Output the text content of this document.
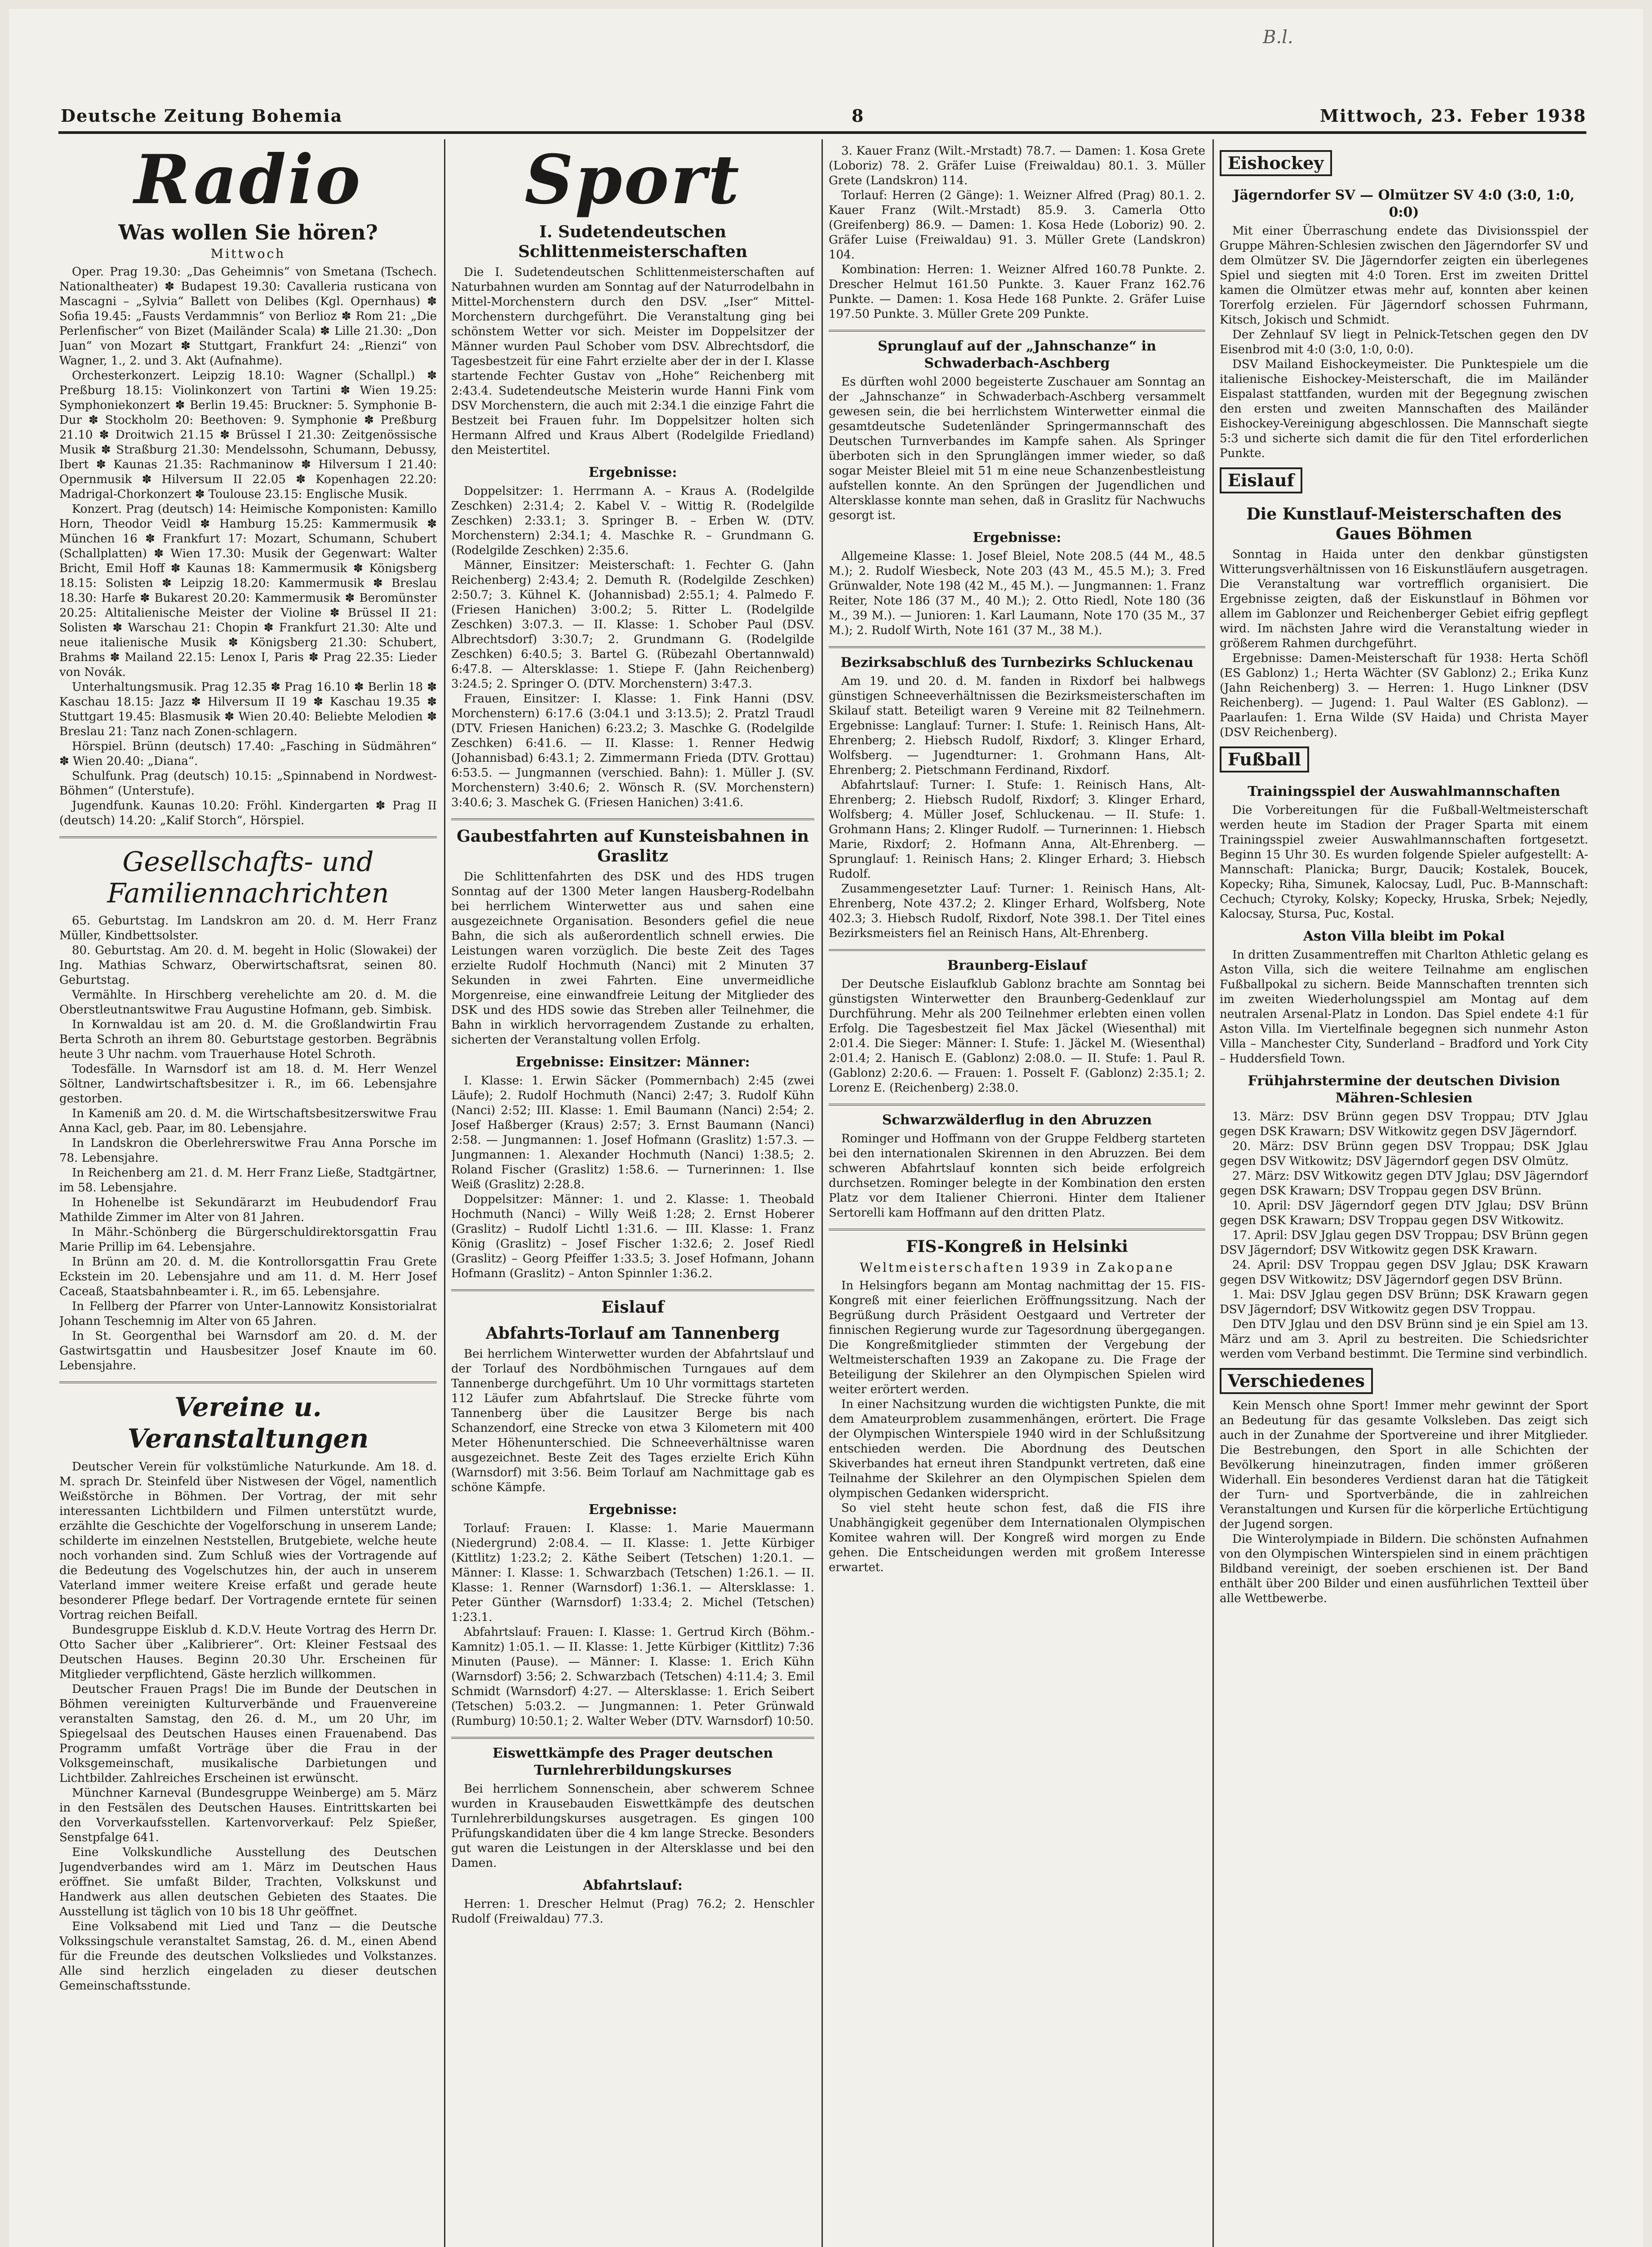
B.l.
Deutsche Zeitung Bohemia	8	Mittwoch, 23. Feber 1938
Radio
Was wollen Sie hören?
Mittwoch

Oper. Prag 19.30: „Das Geheimnis“ von Smetana (Tschech. Nationaltheater) ✽ Budapest 19.30: Cavalleria rusticana von Mascagni – „Sylvia“ Ballett von Delibes (Kgl. Opernhaus) ✽ Sofia 19.45: „Fausts Verdammnis“ von Berlioz ✽ Rom 21: „Die Perlenfischer“ von Bizet (Mailänder Scala) ✽ Lille 21.30: „Don Juan“ von Mozart ✽ Stuttgart, Frankfurt 24: „Rienzi“ von Wagner, 1., 2. und 3. Akt (Aufnahme).

Orchesterkonzert. Leipzig 18.10: Wagner (Schallpl.) ✽ Preßburg 18.15: Violinkonzert von Tartini ✽ Wien 19.25: Symphoniekonzert ✽ Berlin 19.45: Bruckner: 5. Symphonie B-Dur ✽ Stockholm 20: Beethoven: 9. Symphonie ✽ Preßburg 21.10 ✽ Droitwich 21.15 ✽ Brüssel I 21.30: Zeitgenössische Musik ✽ Straßburg 21.30: Mendelssohn, Schumann, Debussy, Ibert ✽ Kaunas 21.35: Rachmaninow ✽ Hilversum I 21.40: Opernmusik ✽ Hilversum II 22.05 ✽ Kopenhagen 22.20: Madrigal-Chorkonzert ✽ Toulouse 23.15: Englische Musik.

Konzert. Prag (deutsch) 14: Heimische Komponisten: Kamillo Horn, Theodor Veidl ✽ Hamburg 15.25: Kammermusik ✽ München 16 ✽ Frankfurt 17: Mozart, Schumann, Schubert (Schallplatten) ✽ Wien 17.30: Musik der Gegenwart: Walter Bricht, Emil Hoff ✽ Kaunas 18: Kammermusik ✽ Königsberg 18.15: Solisten ✽ Leipzig 18.20: Kammermusik ✽ Breslau 18.30: Harfe ✽ Bukarest 20.20: Kammermusik ✽ Beromünster 20.25: Altitalienische Meister der Violine ✽ Brüssel II 21: Solisten ✽ Warschau 21: Chopin ✽ Frankfurt 21.30: Alte und neue italienische Musik ✽ Königsberg 21.30: Schubert, Brahms ✽ Mailand 22.15: Lenox I, Paris ✽ Prag 22.35: Lieder von Novák.

Unterhaltungsmusik. Prag 12.35 ✽ Prag 16.10 ✽ Berlin 18 ✽ Kaschau 18.15: Jazz ✽ Hilversum II 19 ✽ Kaschau 19.35 ✽ Stuttgart 19.45: Blasmusik ✽ Wien 20.40: Beliebte Melodien ✽ Breslau 21: Tanz nach Zonen-schlagern.

Hörspiel. Brünn (deutsch) 17.40: „Fasching in Südmähren“ ✽ Wien 20.40: „Diana“.

Schulfunk. Prag (deutsch) 10.15: „Spinnabend in Nordwest-Böhmen“ (Unterstufe).

Jugendfunk. Kaunas 10.20: Fröhl. Kindergarten ✽ Prag II (deutsch) 14.20: „Kalif Storch“, Hörspiel.

Gesellschafts- und Familiennachrichten

65. Geburtstag. Im Landskron am 20. d. M. Herr Franz Müller, Kindbettsolster.

80. Geburtstag. Am 20. d. M. begeht in Holic (Slowakei) der Ing. Mathias Schwarz, Oberwirtschaftsrat, seinen 80. Geburtstag.

Vermählte. In Hirschberg verehelichte am 20. d. M. die Oberstleutnantswitwe Frau Augustine Hofmann, geb. Simbisk.

In Kornwaldau ist am 20. d. M. die Großlandwirtin Frau Berta Schroth an ihrem 80. Geburtstage gestorben. Begräbnis heute 3 Uhr nachm. vom Trauerhause Hotel Schroth.

Todesfälle. In Warnsdorf ist am 18. d. M. Herr Wenzel Söltner, Landwirtschaftsbesitzer i. R., im 66. Lebensjahre gestorben.

In Kameniß am 20. d. M. die Wirtschaftsbesitzerswitwe Frau Anna Kacl, geb. Paar, im 80. Lebensjahre.

In Landskron die Oberlehrerswitwe Frau Anna Porsche im 78. Lebensjahre.

In Reichenberg am 21. d. M. Herr Franz Ließe, Stadtgärtner, im 58. Lebensjahre.

In Hohenelbe ist Sekundärarzt im Heubudendorf Frau Mathilde Zimmer im Alter von 81 Jahren.

In Mähr.-Schönberg die Bürgerschuldirektorsgattin Frau Marie Prillip im 64. Lebensjahre.

In Brünn am 20. d. M. die Kontrollorsgattin Frau Grete Eckstein im 20. Lebensjahre und am 11. d. M. Herr Josef Caceaß, Staatsbahnbeamter i. R., im 65. Lebensjahre.

In Fellberg der Pfarrer von Unter-Lannowitz Konsistorialrat Johann Teschemnig im Alter von 65 Jahren.

In St. Georgenthal bei Warnsdorf am 20. d. M. der Gastwirtsgattin und Hausbesitzer Josef Knaute im 60. Lebensjahre.

Vereine u. Veranstaltungen

Deutscher Verein für volkstümliche Naturkunde. Am 18. d. M. sprach Dr. Steinfeld über Nistwesen der Vögel, namentlich Weißstörche in Böhmen. Der Vortrag, der mit sehr interessanten Lichtbildern und Filmen unterstützt wurde, erzählte die Geschichte der Vogelforschung in unserem Lande; schilderte im einzelnen Neststellen, Brutgebiete, welche heute noch vorhanden sind. Zum Schluß wies der Vortragende auf die Bedeutung des Vogelschutzes hin, der auch in unserem Vaterland immer weitere Kreise erfaßt und gerade heute besonderer Pflege bedarf. Der Vortragende erntete für seinen Vortrag reichen Beifall.

Bundesgruppe Eisklub d. K.D.V. Heute Vortrag des Herrn Dr. Otto Sacher über „Kalibrierer“. Ort: Kleiner Festsaal des Deutschen Hauses. Beginn 20.30 Uhr. Erscheinen für Mitglieder verpflichtend, Gäste herzlich willkommen.

Deutscher Frauen Prags! Die im Bunde der Deutschen in Böhmen vereinigten Kulturverbände und Frauenvereine veranstalten Samstag, den 26. d. M., um 20 Uhr, im Spiegelsaal des Deutschen Hauses einen Frauenabend. Das Programm umfaßt Vorträge über die Frau in der Volksgemeinschaft, musikalische Darbietungen und Lichtbilder. Zahlreiches Erscheinen ist erwünscht.

Münchner Karneval (Bundesgruppe Weinberge) am 5. März in den Festsälen des Deutschen Hauses. Eintrittskarten bei den Vorverkaufsstellen. Kartenvorverkauf: Pelz Spießer, Senstpfalge 641.

Eine Volkskundliche Ausstellung des Deutschen Jugendverbandes wird am 1. März im Deutschen Haus eröffnet. Sie umfaßt Bilder, Trachten, Volkskunst und Handwerk aus allen deutschen Gebieten des Staates. Die Ausstellung ist täglich von 10 bis 18 Uhr geöffnet.

Eine Volksabend mit Lied und Tanz — die Deutsche Volkssingschule veranstaltet Samstag, 26. d. M., einen Abend für die Freunde des deutschen Volksliedes und Volkstanzes. Alle sind herzlich eingeladen zu dieser deutschen Gemeinschaftsstunde.

Sport
I. Sudetendeutschen Schlittenmeisterschaften

Die I. Sudetendeutschen Schlittenmeisterschaften auf Naturbahnen wurden am Sonntag auf der Naturrodelbahn in Mittel-Morchenstern durch den DSV. „Iser“ Mittel-Morchenstern durchgeführt. Die Veranstaltung ging bei schönstem Wetter vor sich. Meister im Doppelsitzer der Männer wurden Paul Schober vom DSV. Albrechtsdorf, die Tagesbestzeit für eine Fahrt erzielte aber der in der I. Klasse startende Fechter Gustav von „Hohe“ Reichenberg mit 2:43.4. Sudetendeutsche Meisterin wurde Hanni Fink vom DSV Morchenstern, die auch mit 2:34.1 die einzige Fahrt die Bestzeit bei Frauen fuhr. Im Doppelsitzer holten sich Hermann Alfred und Kraus Albert (Rodelgilde Friedland) den Meistertitel.

Ergebnisse:

Doppelsitzer: 1. Herrmann A. – Kraus A. (Rodelgilde Zeschken) 2:31.4; 2. Kabel V. – Wittig R. (Rodelgilde Zeschken) 2:33.1; 3. Springer B. – Erben W. (DTV. Morchenstern) 2:34.1; 4. Maschke R. – Grundmann G. (Rodelgilde Zeschken) 2:35.6.

Männer, Einsitzer: Meisterschaft: 1. Fechter G. (Jahn Reichenberg) 2:43.4; 2. Demuth R. (Rodelgilde Zeschken) 2:50.7; 3. Kühnel K. (Johannisbad) 2:55.1; 4. Palmedo F. (Friesen Hanichen) 3:00.2; 5. Ritter L. (Rodelgilde Zeschken) 3:07.3. — II. Klasse: 1. Schober Paul (DSV. Albrechtsdorf) 3:30.7; 2. Grundmann G. (Rodelgilde Zeschken) 6:40.5; 3. Bartel G. (Rübezahl Obertannwald) 6:47.8. — Altersklasse: 1. Stiepe F. (Jahn Reichenberg) 3:24.5; 2. Springer O. (DTV. Morchenstern) 3:47.3.

Frauen, Einsitzer: I. Klasse: 1. Fink Hanni (DSV. Morchenstern) 6:17.6 (3:04.1 und 3:13.5); 2. Pratzl Traudl (DTV. Friesen Hanichen) 6:23.2; 3. Maschke G. (Rodelgilde Zeschken) 6:41.6. — II. Klasse: 1. Renner Hedwig (Johannisbad) 6:43.1; 2. Zimmermann Frieda (DTV. Grottau) 6:53.5. — Jungmannen (verschied. Bahn): 1. Müller J. (SV. Morchenstern) 3:40.6; 2. Wönsch R. (SV. Morchenstern) 3:40.6; 3. Maschek G. (Friesen Hanichen) 3:41.6.

Gaubestfahrten auf Kunsteisbahnen in Graslitz

Die Schlittenfahrten des DSK und des HDS trugen Sonntag auf der 1300 Meter langen Hausberg-Rodelbahn bei herrlichem Winterwetter aus und sahen eine ausgezeichnete Organisation. Besonders gefiel die neue Bahn, die sich als außerordentlich schnell erwies. Die Leistungen waren vorzüglich. Die beste Zeit des Tages erzielte Rudolf Hochmuth (Nanci) mit 2 Minuten 37 Sekunden in zwei Fahrten. Eine unvermeidliche Morgenreise, eine einwandfreie Leitung der Mitglieder des DSK und des HDS sowie das Streben aller Teilnehmer, die Bahn in wirklich hervorragendem Zustande zu erhalten, sicherten der Veranstaltung vollen Erfolg.

Ergebnisse: Einsitzer: Männer:

I. Klasse: 1. Erwin Säcker (Pommernbach) 2:45 (zwei Läufe); 2. Rudolf Hochmuth (Nanci) 2:47; 3. Rudolf Kühn (Nanci) 2:52; III. Klasse: 1. Emil Baumann (Nanci) 2:54; 2. Josef Haßberger (Kraus) 2:57; 3. Ernst Baumann (Nanci) 2:58. — Jungmannen: 1. Josef Hofmann (Graslitz) 1:57.3. — Jungmannen: 1. Alexander Hochmuth (Nanci) 1:38.5; 2. Roland Fischer (Graslitz) 1:58.6. — Turnerinnen: 1. Ilse Weiß (Graslitz) 2:28.8.

Doppelsitzer: Männer: 1. und 2. Klasse: 1. Theobald Hochmuth (Nanci) – Willy Weiß 1:28; 2. Ernst Hoberer (Graslitz) – Rudolf Lichtl 1:31.6. — III. Klasse: 1. Franz König (Graslitz) – Josef Fischer 1:32.6; 2. Josef Riedl (Graslitz) – Georg Pfeiffer 1:33.5; 3. Josef Hofmann, Johann Hofmann (Graslitz) – Anton Spinnler 1:36.2.

Eislauf
Abfahrts-Torlauf am Tannenberg

Bei herrlichem Winterwetter wurden der Abfahrtslauf und der Torlauf des Nordböhmischen Turngaues auf dem Tannenberge durchgeführt. Um 10 Uhr vormittags starteten 112 Läufer zum Abfahrtslauf. Die Strecke führte vom Tannenberg über die Lausitzer Berge bis nach Schanzendorf, eine Strecke von etwa 3 Kilometern mit 400 Meter Höhenunterschied. Die Schneeverhältnisse waren ausgezeichnet. Beste Zeit des Tages erzielte Erich Kühn (Warnsdorf) mit 3:56. Beim Torlauf am Nachmittage gab es schöne Kämpfe.

Ergebnisse:

Torlauf: Frauen: I. Klasse: 1. Marie Mauermann (Niedergrund) 2:08.4. — II. Klasse: 1. Jette Kürbiger (Kittlitz) 1:23.2; 2. Käthe Seibert (Tetschen) 1:20.1. — Männer: I. Klasse: 1. Schwarzbach (Tetschen) 1:26.1. — II. Klasse: 1. Renner (Warnsdorf) 1:36.1. — Altersklasse: 1. Peter Günther (Warnsdorf) 1:33.4; 2. Michel (Tetschen) 1:23.1.

Abfahrtslauf: Frauen: I. Klasse: 1. Gertrud Kirch (Böhm.-Kamnitz) 1:05.1. — II. Klasse: 1. Jette Kürbiger (Kittlitz) 7:36 Minuten (Pause). — Männer: I. Klasse: 1. Erich Kühn (Warnsdorf) 3:56; 2. Schwarzbach (Tetschen) 4:11.4; 3. Emil Schmidt (Warnsdorf) 4:27. — Altersklasse: 1. Erich Seibert (Tetschen) 5:03.2. — Jungmannen: 1. Peter Grünwald (Rumburg) 10:50.1; 2. Walter Weber (DTV. Warnsdorf) 10:50.

Eiswettkämpfe des Prager deutschen Turnlehrerbildungskurses

Bei herrlichem Sonnenschein, aber schwerem Schnee wurden in Krausebauden Eiswettkämpfe des deutschen Turnlehrerbildungskurses ausgetragen. Es gingen 100 Prüfungskandidaten über die 4 km lange Strecke. Besonders gut waren die Leistungen in der Altersklasse und bei den Damen.

Abfahrtslauf:

Herren: 1. Drescher Helmut (Prag) 76.2; 2. Henschler Rudolf (Freiwaldau) 77.3.

3. Kauer Franz (Wilt.-Mrstadt) 78.7. — Damen: 1. Kosa Grete (Loboriz) 78. 2. Gräfer Luise (Freiwaldau) 80.1. 3. Müller Grete (Landskron) 114.

Torlauf: Herren (2 Gänge): 1. Weizner Alfred (Prag) 80.1. 2. Kauer Franz (Wilt.-Mrstadt) 85.9. 3. Camerla Otto (Greifenberg) 86.9. — Damen: 1. Kosa Hede (Loboriz) 90. 2. Gräfer Luise (Freiwaldau) 91. 3. Müller Grete (Landskron) 104.

Kombination: Herren: 1. Weizner Alfred 160.78 Punkte. 2. Drescher Helmut 161.50 Punkte. 3. Kauer Franz 162.76 Punkte. — Damen: 1. Kosa Hede 168 Punkte. 2. Gräfer Luise 197.50 Punkte. 3. Müller Grete 209 Punkte.

Sprunglauf auf der „Jahnschanze“ in Schwaderbach-Aschberg

Es dürften wohl 2000 begeisterte Zuschauer am Sonntag an der „Jahnschanze“ in Schwaderbach-Aschberg versammelt gewesen sein, die bei herrlichstem Winterwetter einmal die gesamtdeutsche Sudetenländer Springermannschaft des Deutschen Turnverbandes im Kampfe sahen. Als Springer überboten sich in den Sprunglängen immer wieder, so daß sogar Meister Bleiel mit 51 m eine neue Schanzenbestleistung aufstellen konnte. An den Sprüngen der Jugendlichen und Altersklasse konnte man sehen, daß in Graslitz für Nachwuchs gesorgt ist.

Ergebnisse:

Allgemeine Klasse: 1. Josef Bleiel, Note 208.5 (44 M., 48.5 M.); 2. Rudolf Wiesbeck, Note 203 (43 M., 45.5 M.); 3. Fred Grünwalder, Note 198 (42 M., 45 M.). — Jungmannen: 1. Franz Reiter, Note 186 (37 M., 40 M.); 2. Otto Riedl, Note 180 (36 M., 39 M.). — Junioren: 1. Karl Laumann, Note 170 (35 M., 37 M.); 2. Rudolf Wirth, Note 161 (37 M., 38 M.).

Bezirksabschluß des Turnbezirks Schluckenau

Am 19. und 20. d. M. fanden in Rixdorf bei halbwegs günstigen Schneeverhältnissen die Bezirksmeisterschaften im Skilauf statt. Beteiligt waren 9 Vereine mit 82 Teilnehmern. Ergebnisse: Langlauf: Turner: I. Stufe: 1. Reinisch Hans, Alt-Ehrenberg; 2. Hiebsch Rudolf, Rixdorf; 3. Klinger Erhard, Wolfsberg. — Jugendturner: 1. Grohmann Hans, Alt-Ehrenberg; 2. Pietschmann Ferdinand, Rixdorf.

Abfahrtslauf: Turner: I. Stufe: 1. Reinisch Hans, Alt-Ehrenberg; 2. Hiebsch Rudolf, Rixdorf; 3. Klinger Erhard, Wolfsberg; 4. Müller Josef, Schluckenau. — II. Stufe: 1. Grohmann Hans; 2. Klinger Rudolf. — Turnerinnen: 1. Hiebsch Marie, Rixdorf; 2. Hofmann Anna, Alt-Ehrenberg. — Sprunglauf: 1. Reinisch Hans; 2. Klinger Erhard; 3. Hiebsch Rudolf.

Zusammengesetzter Lauf: Turner: 1. Reinisch Hans, Alt-Ehrenberg, Note 437.2; 2. Klinger Erhard, Wolfsberg, Note 402.3; 3. Hiebsch Rudolf, Rixdorf, Note 398.1. Der Titel eines Bezirksmeisters fiel an Reinisch Hans, Alt-Ehrenberg.

Braunberg-Eislauf

Der Deutsche Eislaufklub Gablonz brachte am Sonntag bei günstigsten Winterwetter den Braunberg-Gedenklauf zur Durchführung. Mehr als 200 Teilnehmer erlebten einen vollen Erfolg. Die Tagesbestzeit fiel Max Jäckel (Wiesenthal) mit 2:01.4. Die Sieger: Männer: I. Stufe: 1. Jäckel M. (Wiesenthal) 2:01.4; 2. Hanisch E. (Gablonz) 2:08.0. — II. Stufe: 1. Paul R. (Gablonz) 2:20.6. — Frauen: 1. Posselt F. (Gablonz) 2:35.1; 2. Lorenz E. (Reichenberg) 2:38.0.

Schwarzwälderflug in den Abruzzen

Rominger und Hoffmann von der Gruppe Feldberg starteten bei den internationalen Skirennen in den Abruzzen. Bei dem schweren Abfahrtslauf konnten sich beide erfolgreich durchsetzen. Rominger belegte in der Kombination den ersten Platz vor dem Italiener Chierroni. Hinter dem Italiener Sertorelli kam Hoffmann auf den dritten Platz.

FIS-Kongreß in Helsinki
Weltmeisterschaften 1939 in Zakopane

In Helsingfors begann am Montag nachmittag der 15. FIS-Kongreß mit einer feierlichen Eröffnungssitzung. Nach der Begrüßung durch Präsident Oestgaard und Vertreter der finnischen Regierung wurde zur Tagesordnung übergegangen. Die Kongreßmitglieder stimmten der Vergebung der Weltmeisterschaften 1939 an Zakopane zu. Die Frage der Beteiligung der Skilehrer an den Olympischen Spielen wird weiter erörtert werden.

In einer Nachsitzung wurden die wichtigsten Punkte, die mit dem Amateurproblem zusammenhängen, erörtert. Die Frage der Olympischen Winterspiele 1940 wird in der Schlußsitzung entschieden werden. Die Abordnung des Deutschen Skiverbandes hat erneut ihren Standpunkt vertreten, daß eine Teilnahme der Skilehrer an den Olympischen Spielen dem olympischen Gedanken widerspricht.

So viel steht heute schon fest, daß die FIS ihre Unabhängigkeit gegenüber dem Internationalen Olympischen Komitee wahren will. Der Kongreß wird morgen zu Ende gehen. Die Entscheidungen werden mit großem Interesse erwartet.

Eishockey
Jägerndorfer SV — Olmützer SV 4:0 (3:0, 1:0, 0:0)

Mit einer Überraschung endete das Divisionsspiel der Gruppe Mähren-Schlesien zwischen den Jägerndorfer SV und dem Olmützer SV. Die Jägerndorfer zeigten ein überlegenes Spiel und siegten mit 4:0 Toren. Erst im zweiten Drittel kamen die Olmützer etwas mehr auf, konnten aber keinen Torerfolg erzielen. Für Jägerndorf schossen Fuhrmann, Kitsch, Jokisch und Schmidt.

Der Zehnlauf SV liegt in Pelnick-Tetschen gegen den DV Eisenbrod mit 4:0 (3:0, 1:0, 0:0).

DSV Mailand Eishockeymeister. Die Punktespiele um die italienische Eishockey-Meisterschaft, die im Mailänder Eispalast stattfanden, wurden mit der Begegnung zwischen den ersten und zweiten Mannschaften des Mailänder Eishockey-Vereinigung abgeschlossen. Die Mannschaft siegte 5:3 und sicherte sich damit die für den Titel erforderlichen Punkte.

Eislauf
Die Kunstlauf-Meisterschaften des Gaues Böhmen

Sonntag in Haida unter den denkbar günstigsten Witterungsverhältnissen von 16 Eiskunstläufern ausgetragen. Die Veranstaltung war vortrefflich organisiert. Die Ergebnisse zeigten, daß der Eiskunstlauf in Böhmen vor allem im Gablonzer und Reichenberger Gebiet eifrig gepflegt wird. Im nächsten Jahre wird die Veranstaltung wieder in größerem Rahmen durchgeführt.

Ergebnisse: Damen-Meisterschaft für 1938: Herta Schöfl (ES Gablonz) 1.; Herta Wächter (SV Gablonz) 2.; Erika Kunz (Jahn Reichenberg) 3. — Herren: 1. Hugo Linkner (DSV Reichenberg). — Jugend: 1. Paul Walter (ES Gablonz). — Paarlaufen: 1. Erna Wilde (SV Haida) und Christa Mayer (DSV Reichenberg).

Fußball
Trainingsspiel der Auswahlmannschaften

Die Vorbereitungen für die Fußball-Weltmeisterschaft werden heute im Stadion der Prager Sparta mit einem Trainingsspiel zweier Auswahlmannschaften fortgesetzt. Beginn 15 Uhr 30. Es wurden folgende Spieler aufgestellt: A-Mannschaft: Planicka; Burgr, Daucik; Kostalek, Boucek, Kopecky; Riha, Simunek, Kalocsay, Ludl, Puc. B-Mannschaft: Cechuch; Ctyroky, Kolsky; Kopecky, Hruska, Srbek; Nejedly, Kalocsay, Stursa, Puc, Kostal.

Aston Villa bleibt im Pokal

In dritten Zusammentreffen mit Charlton Athletic gelang es Aston Villa, sich die weitere Teilnahme am englischen Fußballpokal zu sichern. Beide Mannschaften trennten sich im zweiten Wiederholungsspiel am Montag auf dem neutralen Arsenal-Platz in London. Das Spiel endete 4:1 für Aston Villa. Im Viertelfinale begegnen sich nunmehr Aston Villa – Manchester City, Sunderland – Bradford und York City – Huddersfield Town.

Frühjahrstermine der deutschen Division Mähren-Schlesien

13. März: DSV Brünn gegen DSV Troppau; DTV Jglau gegen DSK Krawarn; DSV Witkowitz gegen DSV Jägerndorf.

20. März: DSV Brünn gegen DSV Troppau; DSK Jglau gegen DSV Witkowitz; DSV Jägerndorf gegen DSV Olmütz.

27. März: DSV Witkowitz gegen DTV Jglau; DSV Jägerndorf gegen DSK Krawarn; DSV Troppau gegen DSV Brünn.

10. April: DSV Jägerndorf gegen DTV Jglau; DSV Brünn gegen DSK Krawarn; DSV Troppau gegen DSV Witkowitz.

17. April: DSV Jglau gegen DSV Troppau; DSV Brünn gegen DSV Jägerndorf; DSV Witkowitz gegen DSK Krawarn.

24. April: DSV Troppau gegen DSV Jglau; DSK Krawarn gegen DSV Witkowitz; DSV Jägerndorf gegen DSV Brünn.

1. Mai: DSV Jglau gegen DSV Brünn; DSK Krawarn gegen DSV Jägerndorf; DSV Witkowitz gegen DSV Troppau.

Den DTV Jglau und den DSV Brünn sind je ein Spiel am 13. März und am 3. April zu bestreiten. Die Schiedsrichter werden vom Verband bestimmt. Die Termine sind verbindlich.

Verschiedenes

Kein Mensch ohne Sport! Immer mehr gewinnt der Sport an Bedeutung für das gesamte Volksleben. Das zeigt sich auch in der Zunahme der Sportvereine und ihrer Mitglieder. Die Bestrebungen, den Sport in alle Schichten der Bevölkerung hineinzutragen, finden immer größeren Widerhall. Ein besonderes Verdienst daran hat die Tätigkeit der Turn- und Sportverbände, die in zahlreichen Veranstaltungen und Kursen für die körperliche Ertüchtigung der Jugend sorgen.

Die Winterolympiade in Bildern. Die schönsten Aufnahmen von den Olympischen Winterspielen sind in einem prächtigen Bildband vereinigt, der soeben erschienen ist. Der Band enthält über 200 Bilder und einen ausführlichen Textteil über alle Wettbewerbe.
